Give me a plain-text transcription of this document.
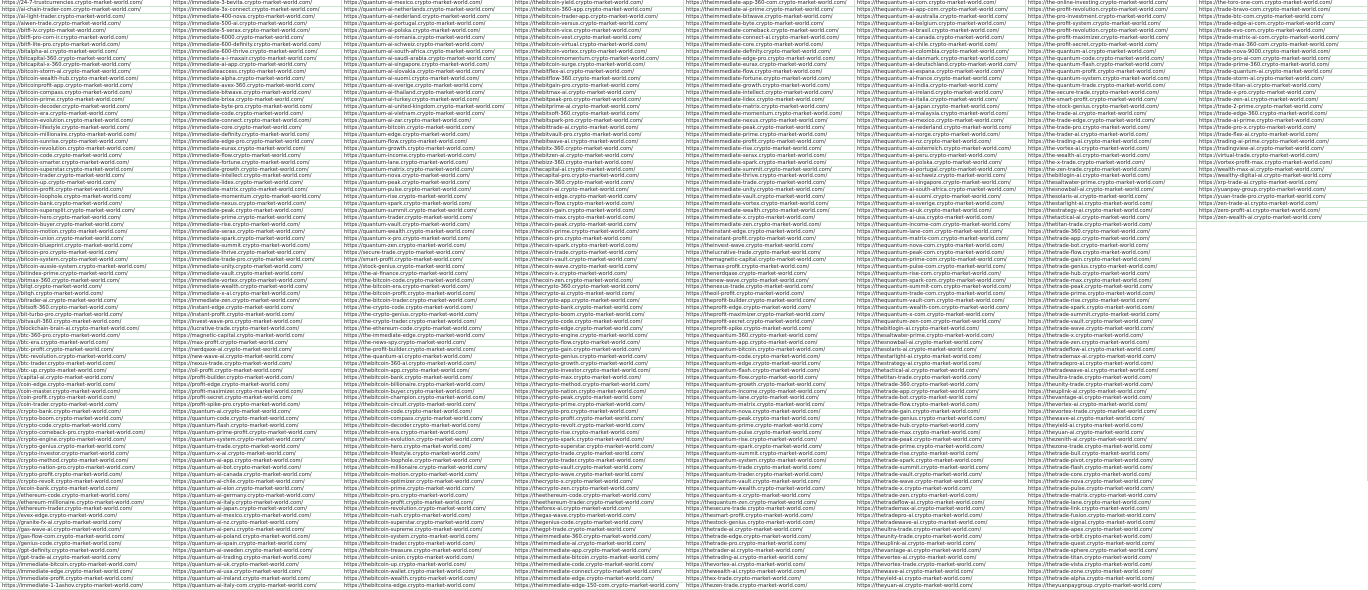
https://24-7-trustcurrencies.crypto-market-world.com/
https://ai-chain-trader-com.crypto-market-world.com/
https://ai-light-trader.crypto-market-world.com/
https://aiwen-trade.crypto-market-world.com/
https://bitfi-iv.crypto-market-world.com/
https://bitfi-pro-com-ir.crypto-market-world.com/
https://bitfi-lite-pro.crypto-market-world.com/
https://bitalpha-ai.crypto-market-world.com/
https://bitcapital-360.crypto-market-world.com/
https://bitcapital-x-360.crypto-market-world.com/
https://bitcoin-storm-ai.crypto-market-world.com/
https://bitcoin-wealth-hub.crypto-market-world.com/
https://bitcoinprofit-app.crypto-market-world.com/
https://bitcoin-compass.crypto-market-world.com/
https://bitcoin-prime.crypto-market-world.com/
https://bitcoin-decoder.crypto-market-world.com/
https://bitcoin-era.crypto-market-world.com/
https://bitcoin-evolution.crypto-market-world.com/
https://bitcoin-lifestyle.crypto-market-world.com/
https://bitcoin-millionaire.crypto-market-world.com/
https://bitcoin-sunrise.crypto-market-world.com/
https://bitcoin-revolution.crypto-market-world.com/
https://bitcoin-code.crypto-market-world.com/
https://bitcoin-smarter.crypto-market-world.com/
https://bitcoin-superstar.crypto-market-world.com/
https://bitcoin-trader.crypto-market-world.com/
https://bitcoin-up.crypto-market-world.com/
https://bitcoin-profit.crypto-market-world.com/
https://bitcoin-loophole.crypto-market-world.com/
https://bitcoin-bank.crypto-market-world.com/
https://bitcoin-supersplit.crypto-market-world.com/
https://bitcoin-hero.crypto-market-world.com/
https://bitcoin-buyer.crypto-market-world.com/
https://bitcoin-motion.crypto-market-world.com/
https://bitcoin-union.crypto-market-world.com/
https://bitcoin-blueprint.crypto-market-world.com/
https://bitcoin-pro.crypto-market-world.com/
https://bitcoin-system.crypto-market-world.com/
https://bitcoin-aussie-system.crypto-market-world.com/
https://bitindex-prime.crypto-market-world.com/
https://bitmax-360.crypto-market-world.com/
https://bitqt.crypto-market-world.com/
https://bitqh.crypto-market-world.com/
https://bitrader-ai.crypto-market-world.com/
https://bitsoft-360.crypto-market-world.com/
https://bit-turbo-pro.crypto-market-world.com/
https://bitvault-360.crypto-market-world.com/
https://blockchain-brain-ai.crypto-market-world.com/
https://btc-360-pro.crypto-market-world.com/
https://btc-era.crypto-market-world.com/
https://btc-profit.crypto-market-world.com/
https://btc-revolution.crypto-market-world.com/
https://btc-trader.crypto-market-world.com/
https://btc-up.crypto-market-world.com/
https://capital-ai.crypto-market-world.com/
https://coin-edge.crypto-market-world.com/
https://coin-master.crypto-market-world.com/
https://coin-profit.crypto-market-world.com/
https://coin-trader.crypto-market-world.com/
https://crypto-bank.crypto-market-world.com/
https://crypto-boom.crypto-market-world.com/
https://crypto-code.crypto-market-world.com/
https://crypto-comeback-pro.crypto-market-world.com/
https://crypto-engine.crypto-market-world.com/
https://crypto-genius.crypto-market-world.com/
https://crypto-investor.crypto-market-world.com/
https://crypto-method.crypto-market-world.com/
https://crypto-nation-pro.crypto-market-world.com/
https://crypto-profit.crypto-market-world.com/
https://crypto-revolt.crypto-market-world.com/
https://ecoin-bank.crypto-market-world.com/
https://ethereum-code.crypto-market-world.com/
https://ethereum-millionaire.crypto-market-world.com/
https://ethereum-trader.crypto-market-world.com/
https://evex-edge.crypto-market-world.com/
https://granite-fx-ai.crypto-market-world.com/
https://gas-wave-ai.crypto-market-world.com/
https://gas-flow-com.crypto-market-world.com/
https://genius-code.crypto-market-world.com/
https://gpt-definity.crypto-market-world.com/
https://gpt-trade-ai.crypto-market-world.com/
https://immediate-bitcoin.crypto-market-world.com/
https://immediate-edge.crypto-market-world.com/
https://immediate-profit.crypto-market-world.com/
https://immediate-1-1ashov.crypto-market-world.com/
https://immediate-3-bevita.crypto-market-world.com/
https://immediate-3x-connect.crypto-market-world.com/
https://immediate-400-nova.crypto-market-world.com/
https://immediate-500-ai.crypto-market-world.com/
https://immediate-5-serax.crypto-market-world.com/
https://immediate-6000.crypto-market-world.com/
https://immediate-600-definity.crypto-market-world.com/
https://immediate-600-thrive.crypto-market-world.com/
https://immediate-a-i-maxair.crypto-market-world.com/
https://immediate-ai-app.crypto-market-world.com/
https://immediateaccess.crypto-market-world.com/
https://immediate-alpha.crypto-market-world.com/
https://immediate-avex-360.crypto-market-world.com/
https://immediate-bitwave.crypto-market-world.com/
https://immediate-brixa.crypto-market-world.com/
https://immediate-byte-pro.crypto-market-world.com/
https://immediate-code.crypto-market-world.com/
https://immediate-connect.crypto-market-world.com/
https://immediate-core.crypto-market-world.com/
https://immediate-definity.crypto-market-world.com/
https://immediate-edge-pro.crypto-market-world.com/
https://immediate-eurax.crypto-market-world.com/
https://immediate-flow.crypto-market-world.com/
https://immediate-fortune.crypto-market-world.com/
https://immediate-growth.crypto-market-world.com/
https://immediate-intellect.crypto-market-world.com/
https://immediate-lidex.crypto-market-world.com/
https://immediate-matrix.crypto-market-world.com/
https://immediate-momentum.crypto-market-world.com/
https://immediate-nexus.crypto-market-world.com/
https://immediate-peak.crypto-market-world.com/
https://immediate-prime.crypto-market-world.com/
https://immediate-rise.crypto-market-world.com/
https://immediate-serax.crypto-market-world.com/
https://immediate-spark.crypto-market-world.com/
https://immediate-summit.crypto-market-world.com/
https://immediate-thrive.crypto-market-world.com/
https://immediate-trade-pro.crypto-market-world.com/
https://immediate-unity.crypto-market-world.com/
https://immediate-vault.crypto-market-world.com/
https://immediate-vortex.crypto-market-world.com/
https://immediate-wealth.crypto-market-world.com/
https://immediate-x-ai.crypto-market-world.com/
https://immediate-zen.crypto-market-world.com/
https://instant-edge.crypto-market-world.com/
https://instant-profit.crypto-market-world.com/
https://invest-wave-pro.crypto-market-world.com/
https://lucrative-trade.crypto-market-world.com/
https://magnetic-capital.crypto-market-world.com/
https://max-profit.crypto-market-world.com/
https://nerdqaxe-ai.crypto-market-world.com/
https://new-wave-ai.crypto-market-world.com/
https://nexus-trade.crypto-market-world.com/
https://oil-profit.crypto-market-world.com/
https://profit-builder.crypto-market-world.com/
https://profit-edge.crypto-market-world.com/
https://profit-maximizer.crypto-market-world.com/
https://profit-secret.crypto-market-world.com/
https://profit-spike-pro.crypto-market-world.com/
https://quantum-ai.crypto-market-world.com/
https://quantum-code.crypto-market-world.com/
https://quantum-flash.crypto-market-world.com/
https://quantum-prime-profit.crypto-market-world.com/
https://quantum-system.crypto-market-world.com/
https://quantum-trade.crypto-market-world.com/
https://quantum-x-ai.crypto-market-world.com/
https://quantum-ai-app.crypto-market-world.com/
https://quantum-ai-bot.crypto-market-world.com/
https://quantum-ai-canada.crypto-market-world.com/
https://quantum-ai-chile.crypto-market-world.com/
https://quantum-ai-elon.crypto-market-world.com/
https://quantum-ai-germany.crypto-market-world.com/
https://quantum-ai-italy.crypto-market-world.com/
https://quantum-ai-japan.crypto-market-world.com/
https://quantum-ai-mexico.crypto-market-world.com/
https://quantum-ai-nz.crypto-market-world.com/
https://quantum-ai-peru.crypto-market-world.com/
https://quantum-ai-poland.crypto-market-world.com/
https://quantum-ai-spain.crypto-market-world.com/
https://quantum-ai-sweden.crypto-market-world.com/
https://quantum-ai-trading.crypto-market-world.com/
https://quantum-ai-uk.crypto-market-world.com/
https://quantum-ai-usa.crypto-market-world.com/
https://quantum-ai-ireland.crypto-market-world.com/
https://quantum-ai-italy-com.crypto-market-world.com/
https://quantum-ai-mexico.crypto-market-world.com/
https://quantum-ai-netherlands.crypto-market-world.com/
https://quantum-ai-nederland.crypto-market-world.com/
https://quantum-ai-portugal.crypto-market-world.com/
https://quantum-ai-polska.crypto-market-world.com/
https://quantum-ai-romania.crypto-market-world.com/
https://quantum-ai-schweiz.crypto-market-world.com/
https://quantum-ai-south-africa.crypto-market-world.com/
https://quantum-ai-saudi-arabia.crypto-market-world.com/
https://quantum-ai-singapore.crypto-market-world.com/
https://quantum-ai-slovakia.crypto-market-world.com/
https://quantum-ai-suomi.crypto-market-world.com/
https://quantum-ai-sverige.crypto-market-world.com/
https://quantum-ai-thailand.crypto-market-world.com/
https://quantum-ai-turkey.crypto-market-world.com/
https://quantum-ai-united-kingdom.crypto-market-world.com/
https://quantum-ai-vietnam.crypto-market-world.com/
https://quantum-ai-zar.crypto-market-world.com/
https://quantum-bitcoin.crypto-market-world.com/
https://quantum-edge.crypto-market-world.com/
https://quantum-flow.crypto-market-world.com/
https://quantum-growth.crypto-market-world.com/
https://quantum-income.crypto-market-world.com/
https://quantum-lane.crypto-market-world.com/
https://quantum-matrix.crypto-market-world.com/
https://quantum-nova.crypto-market-world.com/
https://quantum-peak.crypto-market-world.com/
https://quantum-pulse.crypto-market-world.com/
https://quantum-rise.crypto-market-world.com/
https://quantum-spark.crypto-market-world.com/
https://quantum-summit.crypto-market-world.com/
https://quantum-trader.crypto-market-world.com/
https://quantum-vault.crypto-market-world.com/
https://quantum-wealth.crypto-market-world.com/
https://quantum-x-pro.crypto-market-world.com/
https://quantum-zen.crypto-market-world.com/
https://secure-trade.crypto-market-world.com/
https://smart-profit.crypto-market-world.com/
https://stock-genius.crypto-market-world.com/
https://the-ai-finance.crypto-market-world.com/
https://the-bitcoin-code.crypto-market-world.com/
https://the-bitcoin-era.crypto-market-world.com/
https://the-bitcoin-profit.crypto-market-world.com/
https://the-bitcoin-trader.crypto-market-world.com/
https://the-crypto-code.crypto-market-world.com/
https://the-crypto-genius.crypto-market-world.com/
https://the-crypto-trader.crypto-market-world.com/
https://the-ethereum-code.crypto-market-world.com/
https://the-immediate-edge.crypto-market-world.com/
https://the-news-spy.crypto-market-world.com/
https://the-profit-builder.crypto-market-world.com/
https://the-quantum-ai.crypto-market-world.com/
https://thebitcoin-360-ai.crypto-market-world.com/
https://thebitcoin-app.crypto-market-world.com/
https://thebitcoin-bank.crypto-market-world.com/
https://thebitcoin-billionaire.crypto-market-world.com/
https://thebitcoin-buyer.crypto-market-world.com/
https://thebitcoin-champion.crypto-market-world.com/
https://thebitcoin-circuit.crypto-market-world.com/
https://thebitcoin-code.crypto-market-world.com/
https://thebitcoin-compass.crypto-market-world.com/
https://thebitcoin-decoder.crypto-market-world.com/
https://thebitcoin-era.crypto-market-world.com/
https://thebitcoin-evolution.crypto-market-world.com/
https://thebitcoin-hero.crypto-market-world.com/
https://thebitcoin-lifestyle.crypto-market-world.com/
https://thebitcoin-loophole.crypto-market-world.com/
https://thebitcoin-millionaire.crypto-market-world.com/
https://thebitcoin-motion.crypto-market-world.com/
https://thebitcoin-optimizer.crypto-market-world.com/
https://thebitcoin-prime.crypto-market-world.com/
https://thebitcoin-pro.crypto-market-world.com/
https://thebitcoin-profit.crypto-market-world.com/
https://thebitcoin-revolution.crypto-market-world.com/
https://thebitcoin-rush.crypto-market-world.com/
https://thebitcoin-superstar.crypto-market-world.com/
https://thebitcoin-supreme.crypto-market-world.com/
https://thebitcoin-system.crypto-market-world.com/
https://thebitcoin-trader.crypto-market-world.com/
https://thebitcoin-treasure.crypto-market-world.com/
https://thebitcoin-union.crypto-market-world.com/
https://thebitcoin-up.crypto-market-world.com/
https://thebitcoin-wallet.crypto-market-world.com/
https://thebitcoin-wealth.crypto-market-world.com/
https://thebitcoins-edge.crypto-market-world.com/
https://thebitcoin-yield.crypto-market-world.com/
https://thebitcoin-360-app.crypto-market-world.com/
https://thebitcoin-trader-app.crypto-market-world.com/
https://thebitcoin-versus.crypto-market-world.com/
https://thebitcoin-vice.crypto-market-world.com/
https://thebitcoin-vest.crypto-market-world.com/
https://thebitcoin-virtual.crypto-market-world.com/
https://thebitcoin-vortex.crypto-market-world.com/
https://thebitcoinmomentum.crypto-market-world.com/
https://thebitcoin-surge.crypto-market-world.com/
https://thebitflex-ai.crypto-market-world.com/
https://thebitflow-360.crypto-market-world.com/
https://thebitgain-pro.crypto-market-world.com/
https://thebitmax-ai.crypto-market-world.com/
https://thebitpeak-pro.crypto-market-world.com/
https://thebitprime-ai.crypto-market-world.com/
https://thebitsoft-360.crypto-market-world.com/
https://thebitspark-pro.crypto-market-world.com/
https://thebittrade-ai.crypto-market-world.com/
https://thebitvault-pro.crypto-market-world.com/
https://thebitwave-ai.crypto-market-world.com/
https://thebitx-360.crypto-market-world.com/
https://thebitzen-ai.crypto-market-world.com/
https://thebizz-360.crypto-market-world.com/
https://thecapital-ai.crypto-market-world.com/
https://thecapital-pro.crypto-market-world.com/
https://thecoin-360.crypto-market-world.com/
https://thecoin-ai.crypto-market-world.com/
https://thecoin-edge.crypto-market-world.com/
https://thecoin-flow.crypto-market-world.com/
https://thecoin-gain.crypto-market-world.com/
https://thecoin-max.crypto-market-world.com/
https://thecoin-peak.crypto-market-world.com/
https://thecoin-prime.crypto-market-world.com/
https://thecoin-pro.crypto-market-world.com/
https://thecoin-spark.crypto-market-world.com/
https://thecoin-trade.crypto-market-world.com/
https://thecoin-vault.crypto-market-world.com/
https://thecoin-wave.crypto-market-world.com/
https://thecoin-x.crypto-market-world.com/
https://thecoin-zen.crypto-market-world.com/
https://thecrypto-360.crypto-market-world.com/
https://thecrypto-ai.crypto-market-world.com/
https://thecrypto-app.crypto-market-world.com/
https://thecrypto-bank.crypto-market-world.com/
https://thecrypto-boom.crypto-market-world.com/
https://thecrypto-code.crypto-market-world.com/
https://thecrypto-edge.crypto-market-world.com/
https://thecrypto-engine.crypto-market-world.com/
https://thecrypto-flow.crypto-market-world.com/
https://thecrypto-gain.crypto-market-world.com/
https://thecrypto-genius.crypto-market-world.com/
https://thecrypto-growth.crypto-market-world.com/
https://thecrypto-investor.crypto-market-world.com/
https://thecrypto-max.crypto-market-world.com/
https://thecrypto-method.crypto-market-world.com/
https://thecrypto-nation.crypto-market-world.com/
https://thecrypto-peak.crypto-market-world.com/
https://thecrypto-prime.crypto-market-world.com/
https://thecrypto-pro.crypto-market-world.com/
https://thecrypto-profit.crypto-market-world.com/
https://thecrypto-revolt.crypto-market-world.com/
https://thecrypto-rise.crypto-market-world.com/
https://thecrypto-spark.crypto-market-world.com/
https://thecrypto-superstar.crypto-market-world.com/
https://thecrypto-trade.crypto-market-world.com/
https://thecrypto-trader.crypto-market-world.com/
https://thecrypto-vault.crypto-market-world.com/
https://thecrypto-wave.crypto-market-world.com/
https://thecrypto-x.crypto-market-world.com/
https://thecrypto-zen.crypto-market-world.com/
https://theethereum-code.crypto-market-world.com/
https://theethereum-trader.crypto-market-world.com/
https://theforex-ai.crypto-market-world.com/
https://thegas-wave.crypto-market-world.com/
https://thegenius-code.crypto-market-world.com/
https://thegpt-trade.crypto-market-world.com/
https://theimmediate-360.crypto-market-world.com/
https://theimmediate-ai.crypto-market-world.com/
https://theimmediate-app.crypto-market-world.com/
https://theimmediate-bitcoin.crypto-market-world.com/
https://theimmediate-code.crypto-market-world.com/
https://theimmediate-connect.crypto-market-world.com/
https://theimmediate-edge.crypto-market-world.com/
https://theimmediate-edge-150-com.crypto-market-world.com/
https://theimmediate-app-360-com.crypto-market-world.com/
https://theimmediate-ai-prime.crypto-market-world.com/
https://theimmediate-bitwave.crypto-market-world.com/
https://theimmediate-byte.crypto-market-world.com/
https://theimmediate-comeback.crypto-market-world.com/
https://theimmediate-connect-ai.crypto-market-world.com/
https://theimmediate-core.crypto-market-world.com/
https://theimmediate-definity.crypto-market-world.com/
https://theimmediate-edge-pro.crypto-market-world.com/
https://theimmediate-eurax.crypto-market-world.com/
https://theimmediate-flow.crypto-market-world.com/
https://theimmediate-fortune.crypto-market-world.com/
https://theimmediate-growth.crypto-market-world.com/
https://theimmediate-intellect.crypto-market-world.com/
https://theimmediate-lidex.crypto-market-world.com/
https://theimmediate-matrix.crypto-market-world.com/
https://theimmediate-momentum.crypto-market-world.com/
https://theimmediate-nexus.crypto-market-world.com/
https://theimmediate-peak.crypto-market-world.com/
https://theimmediate-prime.crypto-market-world.com/
https://theimmediate-profit.crypto-market-world.com/
https://theimmediate-rise.crypto-market-world.com/
https://theimmediate-serax.crypto-market-world.com/
https://theimmediate-spark.crypto-market-world.com/
https://theimmediate-summit.crypto-market-world.com/
https://theimmediate-thrive.crypto-market-world.com/
https://theimmediate-trade.crypto-market-world.com/
https://theimmediate-unity.crypto-market-world.com/
https://theimmediate-vault.crypto-market-world.com/
https://theimmediate-vortex.crypto-market-world.com/
https://theimmediate-wealth.crypto-market-world.com/
https://theimmediate-x.crypto-market-world.com/
https://theimmediate-zen.crypto-market-world.com/
https://theinstant-edge.crypto-market-world.com/
https://theinstant-profit.crypto-market-world.com/
https://theinvest-wave.crypto-market-world.com/
https://thelucrative-trade.crypto-market-world.com/
https://themagnetic-capital.crypto-market-world.com/
https://themax-profit.crypto-market-world.com/
https://thenerdqaxe.crypto-market-world.com/
https://thenew-wave.crypto-market-world.com/
https://thenexus-trade.crypto-market-world.com/
https://theoil-profit.crypto-market-world.com/
https://theprofit-builder.crypto-market-world.com/
https://theprofit-edge.crypto-market-world.com/
https://theprofit-maximizer.crypto-market-world.com/
https://theprofit-secret.crypto-market-world.com/
https://theprofit-spike.crypto-market-world.com/
https://thequantum-360.crypto-market-world.com/
https://thequantum-app.crypto-market-world.com/
https://thequantum-bitcoin.crypto-market-world.com/
https://thequantum-code.crypto-market-world.com/
https://thequantum-edge.crypto-market-world.com/
https://thequantum-flash.crypto-market-world.com/
https://thequantum-flow.crypto-market-world.com/
https://thequantum-growth.crypto-market-world.com/
https://thequantum-income.crypto-market-world.com/
https://thequantum-lane.crypto-market-world.com/
https://thequantum-matrix.crypto-market-world.com/
https://thequantum-nova.crypto-market-world.com/
https://thequantum-peak.crypto-market-world.com/
https://thequantum-prime.crypto-market-world.com/
https://thequantum-pulse.crypto-market-world.com/
https://thequantum-rise.crypto-market-world.com/
https://thequantum-spark.crypto-market-world.com/
https://thequantum-summit.crypto-market-world.com/
https://thequantum-system.crypto-market-world.com/
https://thequantum-trade.crypto-market-world.com/
https://thequantum-trader.crypto-market-world.com/
https://thequantum-vault.crypto-market-world.com/
https://thequantum-wealth.crypto-market-world.com/
https://thequantum-x.crypto-market-world.com/
https://thequantum-zen.crypto-market-world.com/
https://thesecure-trade.crypto-market-world.com/
https://thesmart-profit.crypto-market-world.com/
https://thestock-genius.crypto-market-world.com/
https://thetrade-ai.crypto-market-world.com/
https://thetrade-edge.crypto-market-world.com/
https://thetrade-pro.crypto-market-world.com/
https://thetrader-ai.crypto-market-world.com/
https://thetrading-ai.crypto-market-world.com/
https://thevortex-ai.crypto-market-world.com/
https://thewealth-ai.crypto-market-world.com/
https://thex-trade.crypto-market-world.com/
https://thezen-trade.crypto-market-world.com/
https://thequantum-ai-com.crypto-market-world.com/
https://thequantum-ai-app-com.crypto-market-world.com/
https://thequantum-ai-australia.crypto-market-world.com/
https://thequantum-ai-belgium.crypto-market-world.com/
https://thequantum-ai-brasil.crypto-market-world.com/
https://thequantum-ai-canada.crypto-market-world.com/
https://thequantum-ai-chile.crypto-market-world.com/
https://thequantum-ai-colombia.crypto-market-world.com/
https://thequantum-ai-danmark.crypto-market-world.com/
https://thequantum-ai-deutschland.crypto-market-world.com/
https://thequantum-ai-espana.crypto-market-world.com/
https://thequantum-ai-france.crypto-market-world.com/
https://thequantum-ai-india.crypto-market-world.com/
https://thequantum-ai-ireland.crypto-market-world.com/
https://thequantum-ai-italia.crypto-market-world.com/
https://thequantum-ai-japan.crypto-market-world.com/
https://thequantum-ai-malaysia.crypto-market-world.com/
https://thequantum-ai-mexico.crypto-market-world.com/
https://thequantum-ai-nederland.crypto-market-world.com/
https://thequantum-ai-norge.crypto-market-world.com/
https://thequantum-ai-nz.crypto-market-world.com/
https://thequantum-ai-osterreich.crypto-market-world.com/
https://thequantum-ai-peru.crypto-market-world.com/
https://thequantum-ai-polska.crypto-market-world.com/
https://thequantum-ai-portugal.crypto-market-world.com/
https://thequantum-ai-schweiz.crypto-market-world.com/
https://thequantum-ai-singapore.crypto-market-world.com/
https://thequantum-ai-south-africa.crypto-market-world.com/
https://thequantum-ai-suomi.crypto-market-world.com/
https://thequantum-ai-sverige.crypto-market-world.com/
https://thequantum-ai-uk.crypto-market-world.com/
https://thequantum-ai-usa.crypto-market-world.com/
https://thequantum-income-com.crypto-market-world.com/
https://thequantum-lane-com.crypto-market-world.com/
https://thequantum-matrix-com.crypto-market-world.com/
https://thequantum-nova-com.crypto-market-world.com/
https://thequantum-peak-com.crypto-market-world.com/
https://thequantum-prime-com.crypto-market-world.com/
https://thequantum-pulse-com.crypto-market-world.com/
https://thequantum-rise-com.crypto-market-world.com/
https://thequantum-spark-com.crypto-market-world.com/
https://thequantum-summit-com.crypto-market-world.com/
https://thequantum-trade-com.crypto-market-world.com/
https://thequantum-vault-com.crypto-market-world.com/
https://thequantum-wealth-com.crypto-market-world.com/
https://thequantum-x-com.crypto-market-world.com/
https://thequantum-zen-com.crypto-market-world.com/
https://thebitlogin-ai.crypto-market-world.com/
https://thesaltwater-prime.crypto-market-world.com/
https://thesnowball-ai.crypto-market-world.com/
https://thesolaris-ai.crypto-market-world.com/
https://thestarlight-ai.crypto-market-world.com/
https://thestrategy-ai.crypto-market-world.com/
https://thetactical-ai.crypto-market-world.com/
https://thetitan-trade.crypto-market-world.com/
https://thetrade-360.crypto-market-world.com/
https://thetrade-app.crypto-market-world.com/
https://thetrade-bot.crypto-market-world.com/
https://thetrade-flow.crypto-market-world.com/
https://thetrade-gain.crypto-market-world.com/
https://thetrade-genius.crypto-market-world.com/
https://thetrade-hub.crypto-market-world.com/
https://thetrade-max.crypto-market-world.com/
https://thetrade-peak.crypto-market-world.com/
https://thetrade-prime.crypto-market-world.com/
https://thetrade-rise.crypto-market-world.com/
https://thetrade-spark.crypto-market-world.com/
https://thetrade-summit.crypto-market-world.com/
https://thetrade-vault.crypto-market-world.com/
https://thetrade-wave.crypto-market-world.com/
https://thetrade-x.crypto-market-world.com/
https://thetrade-zen.crypto-market-world.com/
https://thetradeflow-ai.crypto-market-world.com/
https://thetrademax-ai.crypto-market-world.com/
https://thetradepro-ai.crypto-market-world.com/
https://thetradewave-ai.crypto-market-world.com/
https://theultra-trade.crypto-market-world.com/
https://theunity-trade.crypto-market-world.com/
https://theuplink-ai.crypto-market-world.com/
https://thevantage-ai.crypto-market-world.com/
https://thevertex-ai.crypto-market-world.com/
https://thevortex-trade.crypto-market-world.com/
https://thewave-ai.crypto-market-world.com/
https://theyield-ai.crypto-market-world.com/
https://theyuan-ai.crypto-market-world.com/
https://the-online-investing.crypto-market-world.com/
https://the-profit-revolution.crypto-market-world.com/
https://the-pro-investment.crypto-market-world.com/
https://the-profit-system.crypto-market-world.com/
https://the-profit-revolution.crypto-market-world.com/
https://the-profit-maximizer.crypto-market-world.com/
https://the-profit-secret.crypto-market-world.com/
https://the-quantum-ai.crypto-market-world.com/
https://the-quantum-code.crypto-market-world.com/
https://the-quantum-flash.crypto-market-world.com/
https://the-quantum-profit.crypto-market-world.com/
https://the-quantum-system.crypto-market-world.com/
https://the-quantum-trade.crypto-market-world.com/
https://the-secure-trade.crypto-market-world.com/
https://the-smart-profit.crypto-market-world.com/
https://the-stock-genius.crypto-market-world.com/
https://the-trade-ai.crypto-market-world.com/
https://the-trade-edge.crypto-market-world.com/
https://the-trade-pro.crypto-market-world.com/
https://the-trader-ai.crypto-market-world.com/
https://the-trading-ai.crypto-market-world.com/
https://the-vortex-ai.crypto-market-world.com/
https://the-wealth-ai.crypto-market-world.com/
https://the-x-trade.crypto-market-world.com/
https://the-zen-trade.crypto-market-world.com/
https://thebitlogin-ai.crypto-market-world.com/
https://thesaltwater-prime.crypto-market-world.com/
https://thesnowball-ai.crypto-market-world.com/
https://thesolaris-ai.crypto-market-world.com/
https://thestarlight-ai.crypto-market-world.com/
https://thestrategy-ai.crypto-market-world.com/
https://thetactical-ai.crypto-market-world.com/
https://thetitan-trade.crypto-market-world.com/
https://thetrade-360.crypto-market-world.com/
https://thetrade-app.crypto-market-world.com/
https://thetrade-bot.crypto-market-world.com/
https://thetrade-flow.crypto-market-world.com/
https://thetrade-gain.crypto-market-world.com/
https://thetrade-genius.crypto-market-world.com/
https://thetrade-hub.crypto-market-world.com/
https://thetrade-max.crypto-market-world.com/
https://thetrade-peak.crypto-market-world.com/
https://thetrade-prime.crypto-market-world.com/
https://thetrade-rise.crypto-market-world.com/
https://thetrade-spark.crypto-market-world.com/
https://thetrade-summit.crypto-market-world.com/
https://thetrade-vault.crypto-market-world.com/
https://thetrade-wave.crypto-market-world.com/
https://thetrade-x.crypto-market-world.com/
https://thetrade-zen.crypto-market-world.com/
https://thetradeflow-ai.crypto-market-world.com/
https://thetrademax-ai.crypto-market-world.com/
https://thetradepro-ai.crypto-market-world.com/
https://thetradewave-ai.crypto-market-world.com/
https://theultra-trade.crypto-market-world.com/
https://theunity-trade.crypto-market-world.com/
https://theuplink-ai.crypto-market-world.com/
https://thevantage-ai.crypto-market-world.com/
https://thevertex-ai.crypto-market-world.com/
https://thevortex-trade.crypto-market-world.com/
https://thewave-ai.crypto-market-world.com/
https://theyield-ai.crypto-market-world.com/
https://theyuan-ai.crypto-market-world.com/
https://thezenith-ai.crypto-market-world.com/
https://thezone-trade.crypto-market-world.com/
https://thetrade-bull.crypto-market-world.com/
https://thetrade-pivot.crypto-market-world.com/
https://thetrade-flash.crypto-market-world.com/
https://thetrade-core.crypto-market-world.com/
https://thetrade-nova.crypto-market-world.com/
https://thetrade-pulse.crypto-market-world.com/
https://thetrade-matrix.crypto-market-world.com/
https://thetrade-lane.crypto-market-world.com/
https://thetrade-link.crypto-market-world.com/
https://thetrade-fusion.crypto-market-world.com/
https://thetrade-signal.crypto-market-world.com/
https://thetrade-apex.crypto-market-world.com/
https://thetrade-orbit.crypto-market-world.com/
https://thetrade-quest.crypto-market-world.com/
https://thetrade-sphere.crypto-market-world.com/
https://thetrade-titan.crypto-market-world.com/
https://thetrade-vista.crypto-market-world.com/
https://thetrade-zone.crypto-market-world.com/
https://thetrade-alpha.crypto-market-world.com/
https://theyuanpaygroup.crypto-market-world.com/
https://the-toro-one-com.crypto-market-world.com/
https://trade-bravo-com.crypto-market-world.com/
https://trade-btc-com.crypto-market-world.com/
https://trade-edge-ai-com.crypto-market-world.com/
https://trade-evo-com.crypto-market-world.com/
https://trade-matrix-ai-com.crypto-market-world.com/
https://trade-max-360-com.crypto-market-world.com/
https://trade-nova-9000.crypto-market-world.com/
https://trade-pro-ai-com.crypto-market-world.com/
https://trade-prime-360.crypto-market-world.com/
https://trade-quantum-ai.crypto-market-world.com/
https://trade-storm-ai.crypto-market-world.com/
https://trade-titan-ai.crypto-market-world.com/
https://trade-x-pro.crypto-market-world.com/
https://trade-zen-ai.crypto-market-world.com/
https://trade-2-prime.crypto-market-world.com/
https://trade-edge-360.crypto-market-world.com/
https://trade-ai-prime.crypto-market-world.com/
https://trade-pro-x.crypto-market-world.com/
https://trade-flex-ai.crypto-market-world.com/
https://trading-ai-prime.crypto-market-world.com/
https://tradingview-ai.crypto-market-world.com/
https://virtual-trade.crypto-market-world.com/
https://vortex-profit-max.crypto-market-world.com/
https://wealth-max-ai.crypto-market-world.com/
https://wealthy-digital-ai.crypto-market-world.com/
https://xrp-trade-ai.crypto-market-world.com/
https://yuanpay-group.crypto-market-world.com/
https://yuan-trade-pro.crypto-market-world.com/
https://zen-trade-ai.crypto-market-world.com/
https://zero-profit-ai.crypto-market-world.com/
https://zen-wealth-ai.crypto-market-world.com/
